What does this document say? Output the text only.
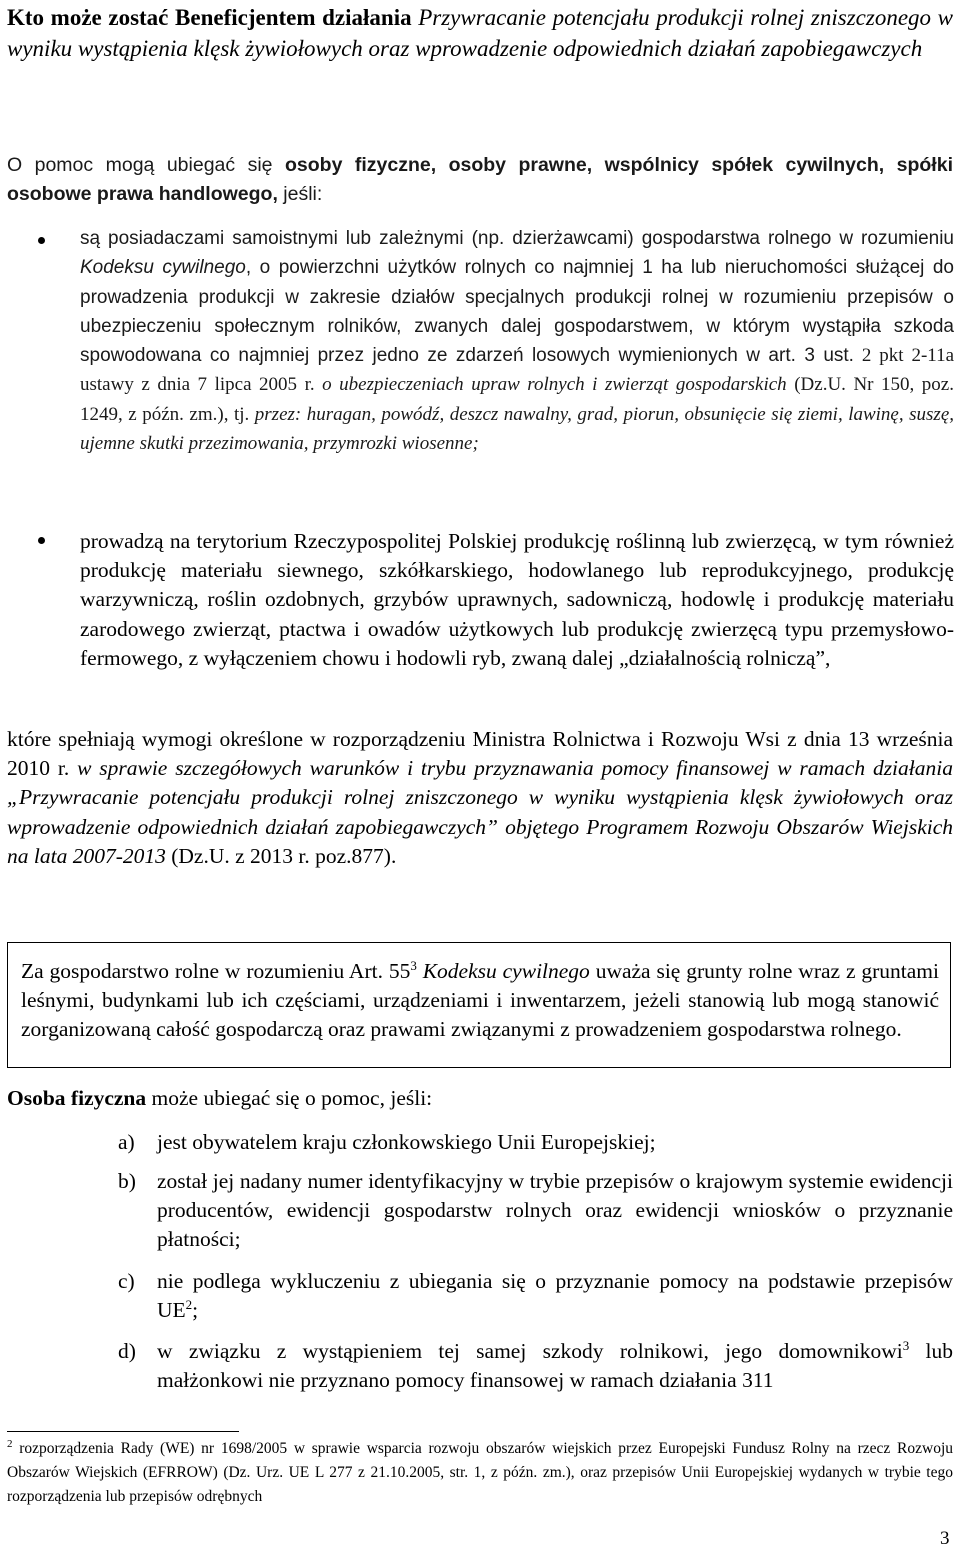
Kto może zostać Beneficjentem działania Przywracanie potencjału produkcji rolnej zniszczonego w wyniku wystąpienia klęsk żywiołowych oraz wprowadzenie odpowiednich działań zapobiegawczych
O pomoc mogą ubiegać się osoby fizyczne, osoby prawne, wspólnicy spółek cywilnych, spółki osobowe prawa handlowego, jeśli:
są posiadaczami samoistnymi lub zależnymi (np. dzierżawcami) gospodarstwa rolnego w rozumieniu Kodeksu cywilnego, o powierzchni użytków rolnych co najmniej 1 ha lub nieruchomości służącej do prowadzenia produkcji w zakresie działów specjalnych produkcji rolnej w rozumieniu przepisów o ubezpieczeniu społecznym rolników, zwanych dalej gospodarstwem, w którym wystąpiła szkoda spowodowana co najmniej przez jedno ze zdarzeń losowych wymienionych w art. 3 ust. 2 pkt 2-11a ustawy z dnia 7 lipca 2005 r. o ubezpieczeniach upraw rolnych i zwierząt gospodarskich (Dz.U. Nr 150, poz. 1249, z późn. zm.), tj. przez: huragan, powódź, deszcz nawalny, grad, piorun, obsunięcie się ziemi, lawinę, suszę, ujemne skutki przezimowania, przymrozki wiosenne;
prowadzą na terytorium Rzeczypospolitej Polskiej produkcję roślinną lub zwierzęcą, w tym również produkcję materiału siewnego, szkółkarskiego, hodowlanego lub reprodukcyjnego, produkcję warzywniczą, roślin ozdobnych, grzybów uprawnych, sadowniczą, hodowlę i produkcję materiału zarodowego zwierząt, ptactwa i owadów użytkowych lub produkcję zwierzęcą typu przemysłowo-fermowego, z wyłączeniem chowu i hodowli ryb, zwaną dalej „działalnością rolniczą”,
które spełniają wymogi określone w rozporządzeniu Ministra Rolnictwa i Rozwoju Wsi z dnia 13 września 2010 r. w sprawie szczegółowych warunków i trybu przyznawania pomocy finansowej w ramach działania „Przywracanie potencjału produkcji rolnej zniszczonego w wyniku wystąpienia klęsk żywiołowych oraz wprowadzenie odpowiednich działań zapobiegawczych” objętego Programem Rozwoju Obszarów Wiejskich na lata 2007-2013 (Dz.U. z 2013 r. poz.877).
Za gospodarstwo rolne w rozumieniu Art. $55^3$ Kodeksu cywilnego uważa się grunty rolne wraz z gruntami leśnymi, budynkami lub ich częściami, urządzeniami i inwentarzem, jeżeli stanowią lub mogą stanowić zorganizowaną całość gospodarczą oraz prawami związanymi z prowadzeniem gospodarstwa rolnego.
Osoba fizyczna może ubiegać się o pomoc, jeśli:
a) jest obywatelem kraju członkowskiego Unii Europejskiej;
b) został jej nadany numer identyfikacyjny w trybie przepisów o krajowym systemie ewidencji producentów, ewidencji gospodarstw rolnych oraz ewidencji wniosków o przyznanie płatności;
c) nie podlega wykluczeniu z ubiegania się o przyznanie pomocy na podstawie przepisów $UE^2$;
d) w związku z wystąpieniem tej samej szkody rolnikowi, jego domownikowi$^3$ lub małżonkowi nie przyznano pomocy finansowej w ramach działania 311
$^2$ rozporządzenia Rady (WE) nr 1698/2005 w sprawie wsparcia rozwoju obszarów wiejskich przez Europejski Fundusz Rolny na rzecz Rozwoju Obszarów Wiejskich (EFRROW) (Dz. Urz. UE L 277 z 21.10.2005, str. 1, z późn. zm.), oraz przepisów Unii Europejskiej wydanych w trybie tego rozporządzenia lub przepisów odrębnych
3
